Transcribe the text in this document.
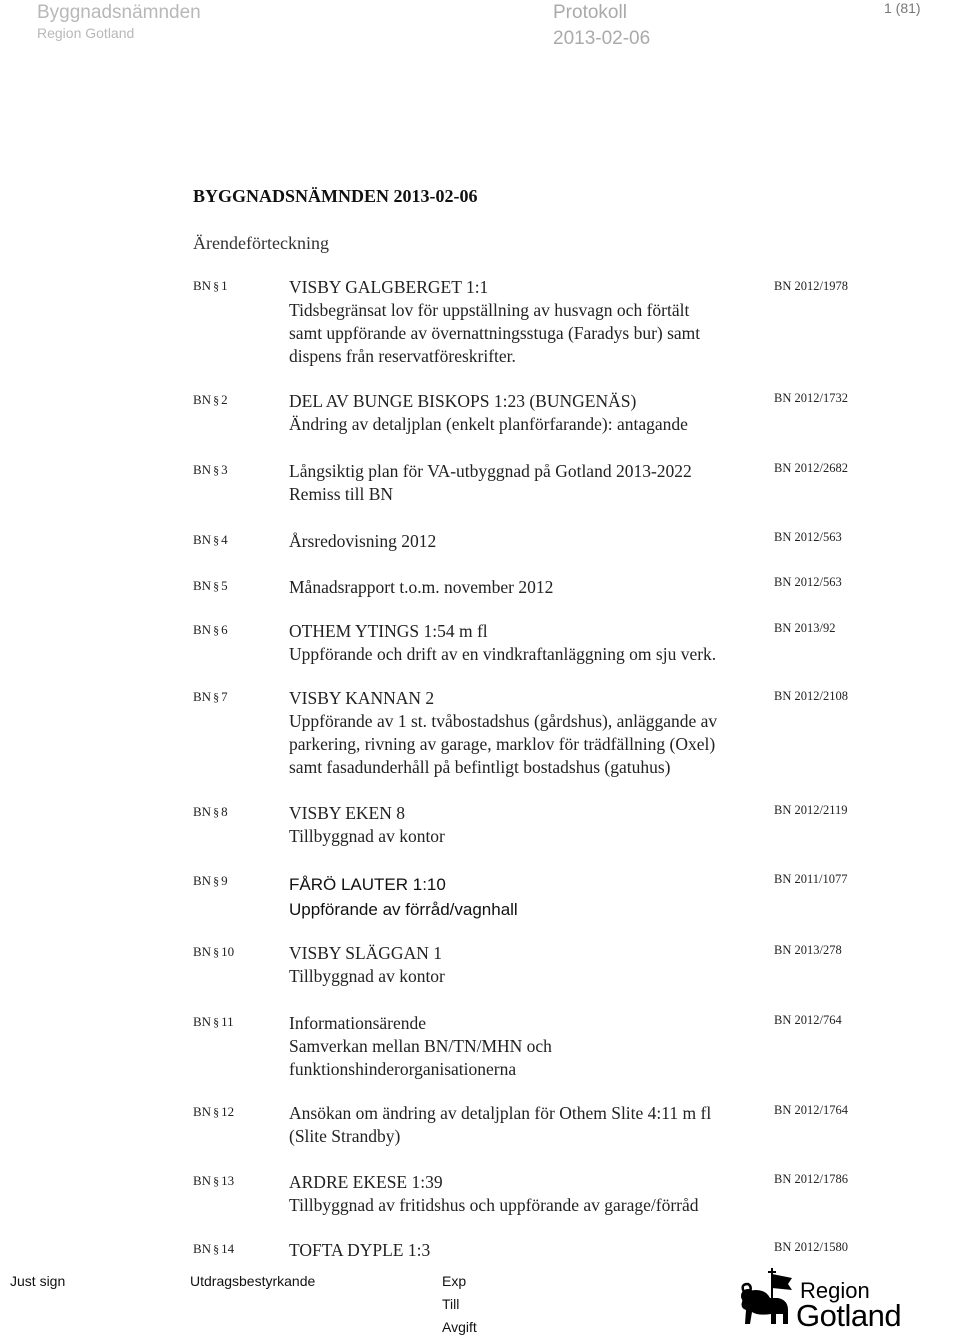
Byggnadsnämnden
Region Gotland
Protokoll
2013-02-06
1 (81)
BYGGNADSNÄMNDEN 2013-02-06
Ärendeförteckning
BN § 1	VISBY GALGBERGET 1:1
Tidsbegränsat lov för uppställning av husvagn och förtält
samt uppförande av övernattningsstuga (Faradys bur) samt
dispens från reservatföreskrifter.
BN 2012/1978
BN § 2	DEL AV BUNGE BISKOPS 1:23 (BUNGENÄS)
Ändring av detaljplan (enkelt planförfarande): antagande
BN 2012/1732
BN § 3	Långsiktig plan för VA-utbyggnad på Gotland 2013-2022
Remiss till BN
BN 2012/2682
BN § 4	Årsredovisning 2012	BN 2012/563
BN § 5	Månadsrapport t.o.m. november 2012	BN 2012/563
BN § 6	OTHEM YTINGS 1:54 m fl
Uppförande och drift av en vindkraftanläggning om sju verk.
BN 2013/92
BN § 7	VISBY KANNAN 2
Uppförande av 1 st. tvåbostadshus (gårdshus), anläggande av
parkering, rivning av garage, marklov för trädfällning (Oxel)
samt fasadunderhåll på befintligt bostadshus (gatuhus)
BN 2012/2108
BN § 8	VISBY EKEN 8
Tillbyggnad av kontor
BN 2012/2119
BN § 9	FÅRÖ LAUTER 1:10
Uppförande av förråd/vagnhall
BN 2011/1077
BN § 10	VISBY SLÄGGAN 1
Tillbyggnad av kontor
BN 2013/278
BN § 11	Informationsärende
Samverkan mellan BN/TN/MHN och
funktionshinderorganisationerna
BN 2012/764
BN § 12	Ansökan om ändring av detaljplan för Othem Slite 4:11 m fl
(Slite Strandby)
BN 2012/1764
BN § 13	ARDRE EKESE 1:39
Tillbyggnad av fritidshus och uppförande av garage/förråd
BN 2012/1786
BN § 14	TOFTA DYPLE 1:3	BN 2012/1580
Just sign	Utdragsbestyrkande	Exp
Till
Avgift
Region
Gotland
